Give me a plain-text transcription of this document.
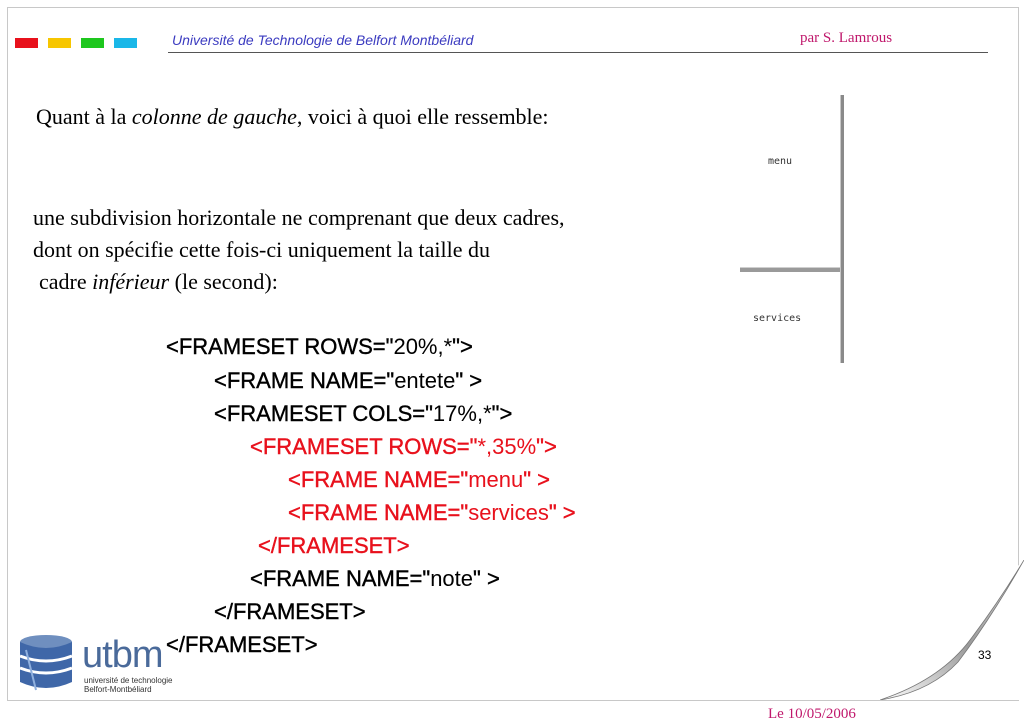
Université de Technologie de Belfort Montbéliard	par S. Lamrous
Quant à la colonne de gauche, voici à quoi elle ressemble:
une subdivision horizontale ne comprenant que deux cadres,
dont on spécifie cette fois-ci uniquement la taille du
cadre inférieur (le second):
<FRAMESET ROWS="20%,*">
<FRAME NAME="entete" >
<FRAMESET COLS="17%,*">
<FRAMESET ROWS="*,35%">
<FRAME NAME="menu" >
<FRAME NAME="services" >
</FRAMESET>
<FRAME NAME="note" >
</FRAMESET>
</FRAMESET>
menu
services
utbm
université de technologie
Belfort-Montbéliard
33
Le 10/05/2006
